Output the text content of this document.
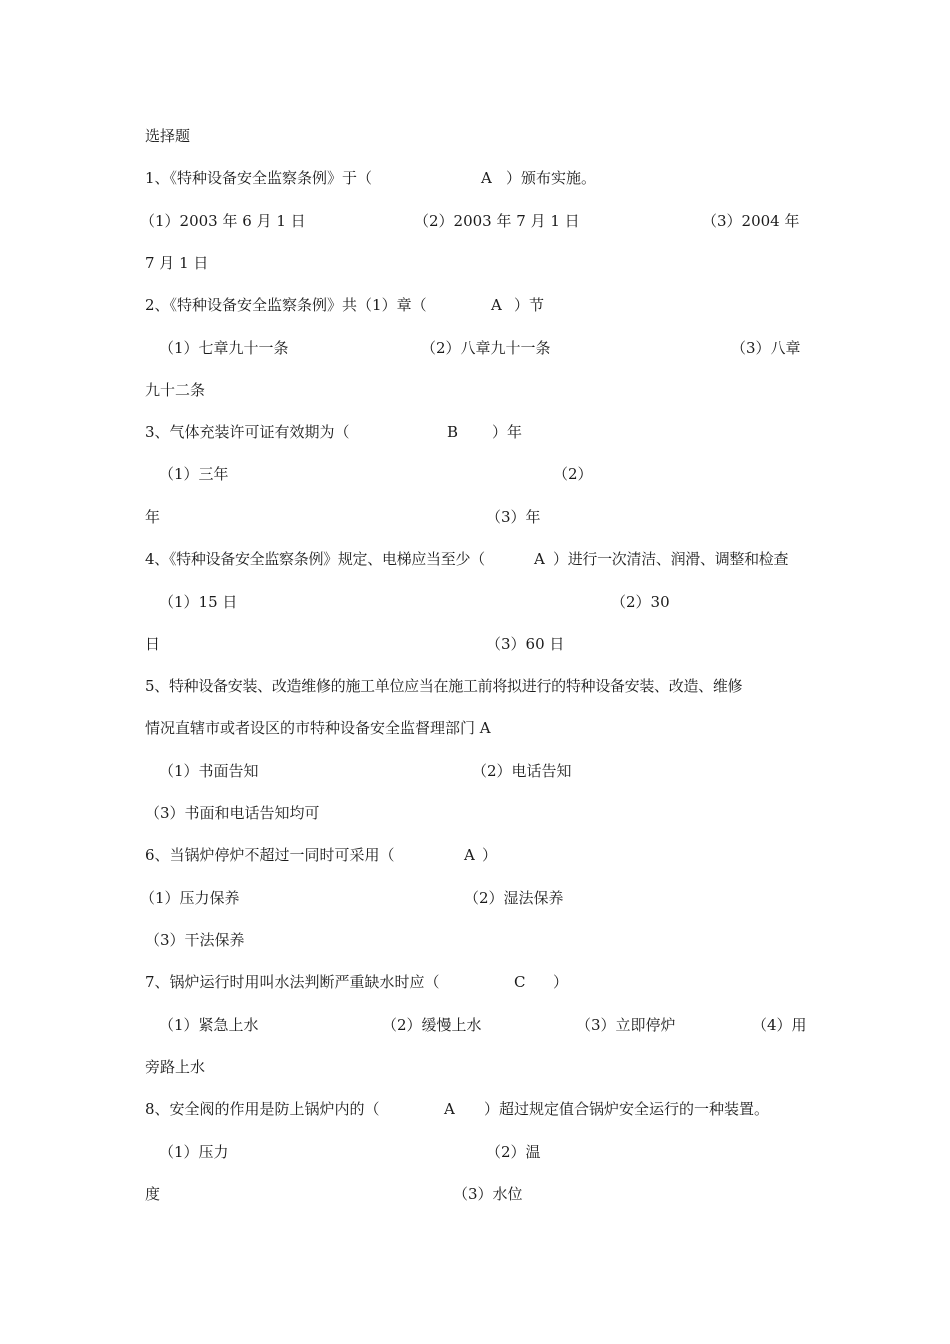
选择题
1、《特种设备安全监察条例》于（	A ）颁布实施。
（1）2003 年 6 月 1 日	（2）2003 年 7 月 1 日	（3）2004 年
7 月 1 日
2、《特种设备安全监察条例》共（1）章（	A ）节
（1）七章九十一条	（2）八章九十一条	（3）八章
九十二条
3、气体充装许可证有效期为（	B ）年
（1）三年	（2）
年	（3）年
4、《特种设备安全监察条例》规定、电梯应当至少（	A ）进行一次清洁、润滑、调整和检查
（1）15 日	（2）30
日	（3）60 日
5、特种设备安装、改造维修的施工单位应当在施工前将拟进行的特种设备安装、改造、维修
情况直辖市或者设区的市特种设备安全监督理部门 A
（1）书面告知	（2）电话告知
（3）书面和电话告知均可
6、当锅炉停炉不超过一同时可采用（	A ）
（1）压力保养	（2）湿法保养
（3）干法保养
7、锅炉运行时用叫水法判断严重缺水时应（	C ）
（1）紧急上水	（2）缓慢上水	（3）立即停炉	（4）用
旁路上水
8、安全阀的作用是防上锅炉内的（	A ）超过规定值合锅炉安全运行的一种装置。
（1）压力	（2）温
度	（3）水位
